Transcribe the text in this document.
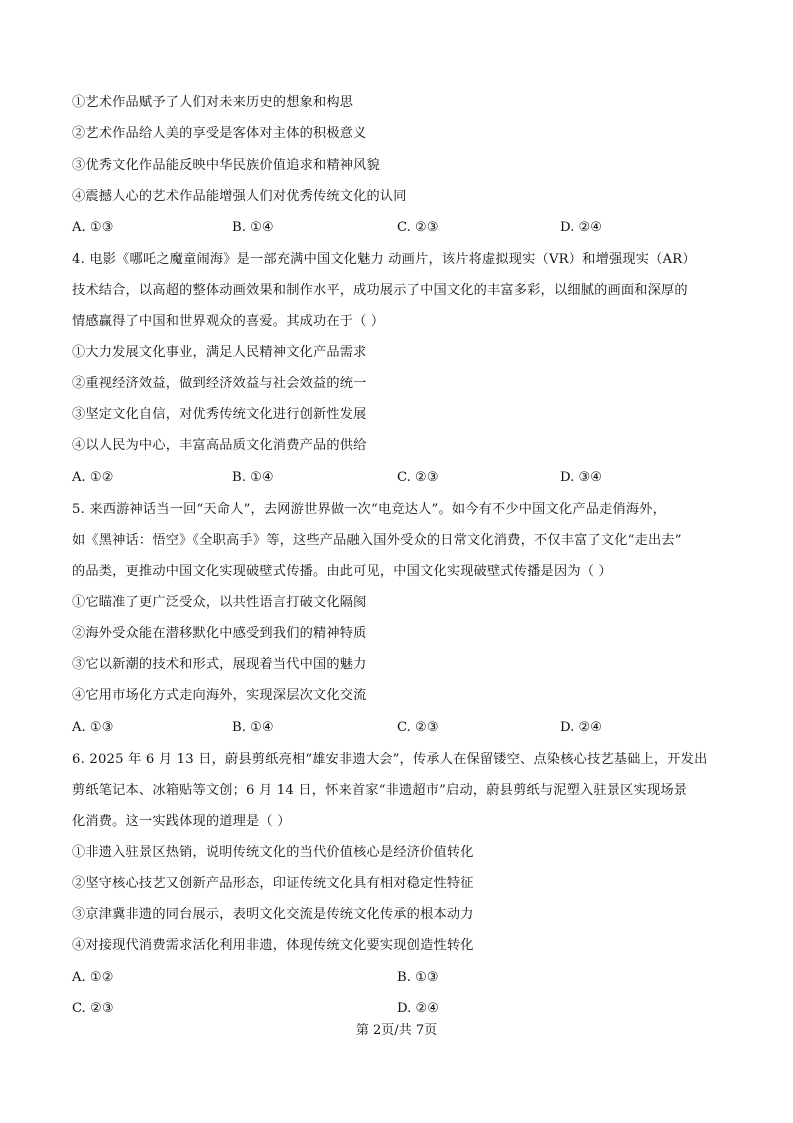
①艺术作品赋予了人们对未来历史的想象和构思
②艺术作品给人美的享受是客体对主体的积极意义
③优秀文化作品能反映中华民族价值追求和精神风貌
④震撼人心的艺术作品能增强人们对优秀传统文化的认同
A. ①③	B. ①④	C. ②③	D. ②④
4. 电影《哪吒之魔童闹海》是一部充满中国文化魅力 动画片，该片将虚拟现实（VR）和增强现实（AR）
技术结合，以高超的整体动画效果和制作水平，成功展示了中国文化的丰富多彩，以细腻的画面和深厚的
情感赢得了中国和世界观众的喜爱。其成功在于（ ）
①大力发展文化事业，满足人民精神文化产品需求
②重视经济效益，做到经济效益与社会效益的统一
③坚定文化自信，对优秀传统文化进行创新性发展
④以人民为中心，丰富高品质文化消费产品的供给
A. ①②	B. ①④	C. ②③	D. ③④
5. 来西游神话当一回“天命人”，去网游世界做一次“电竞达人”。如今有不少中国文化产品走俏海外，
如《黑神话：悟空》《全职高手》等，这些产品融入国外受众的日常文化消费，不仅丰富了文化“走出去”
的品类，更推动中国文化实现破壁式传播。由此可见，中国文化实现破壁式传播是因为（ ）
①它瞄准了更广泛受众，以共性语言打破文化隔阂
②海外受众能在潜移默化中感受到我们的精神特质
③它以新潮的技术和形式，展现着当代中国的魅力
④它用市场化方式走向海外，实现深层次文化交流
A. ①③	B. ①④	C. ②③	D. ②④
6. 2025 年 6 月 13 日，蔚县剪纸亮相“雄安非遗大会”，传承人在保留镂空、点染核心技艺基础上，开发出
剪纸笔记本、冰箱贴等文创；6 月 14 日，怀来首家“非遗超市”启动，蔚县剪纸与泥塑入驻景区实现场景
化消费。这一实践体现的道理是（ ）
①非遗入驻景区热销，说明传统文化的当代价值核心是经济价值转化
②坚守核心技艺又创新产品形态，印证传统文化具有相对稳定性特征
③京津冀非遗的同台展示，表明文化交流是传统文化传承的根本动力
④对接现代消费需求活化利用非遗，体现传统文化要实现创造性转化
A. ①②	B. ①③
C. ②③	D. ②④
第 2页/共 7页
